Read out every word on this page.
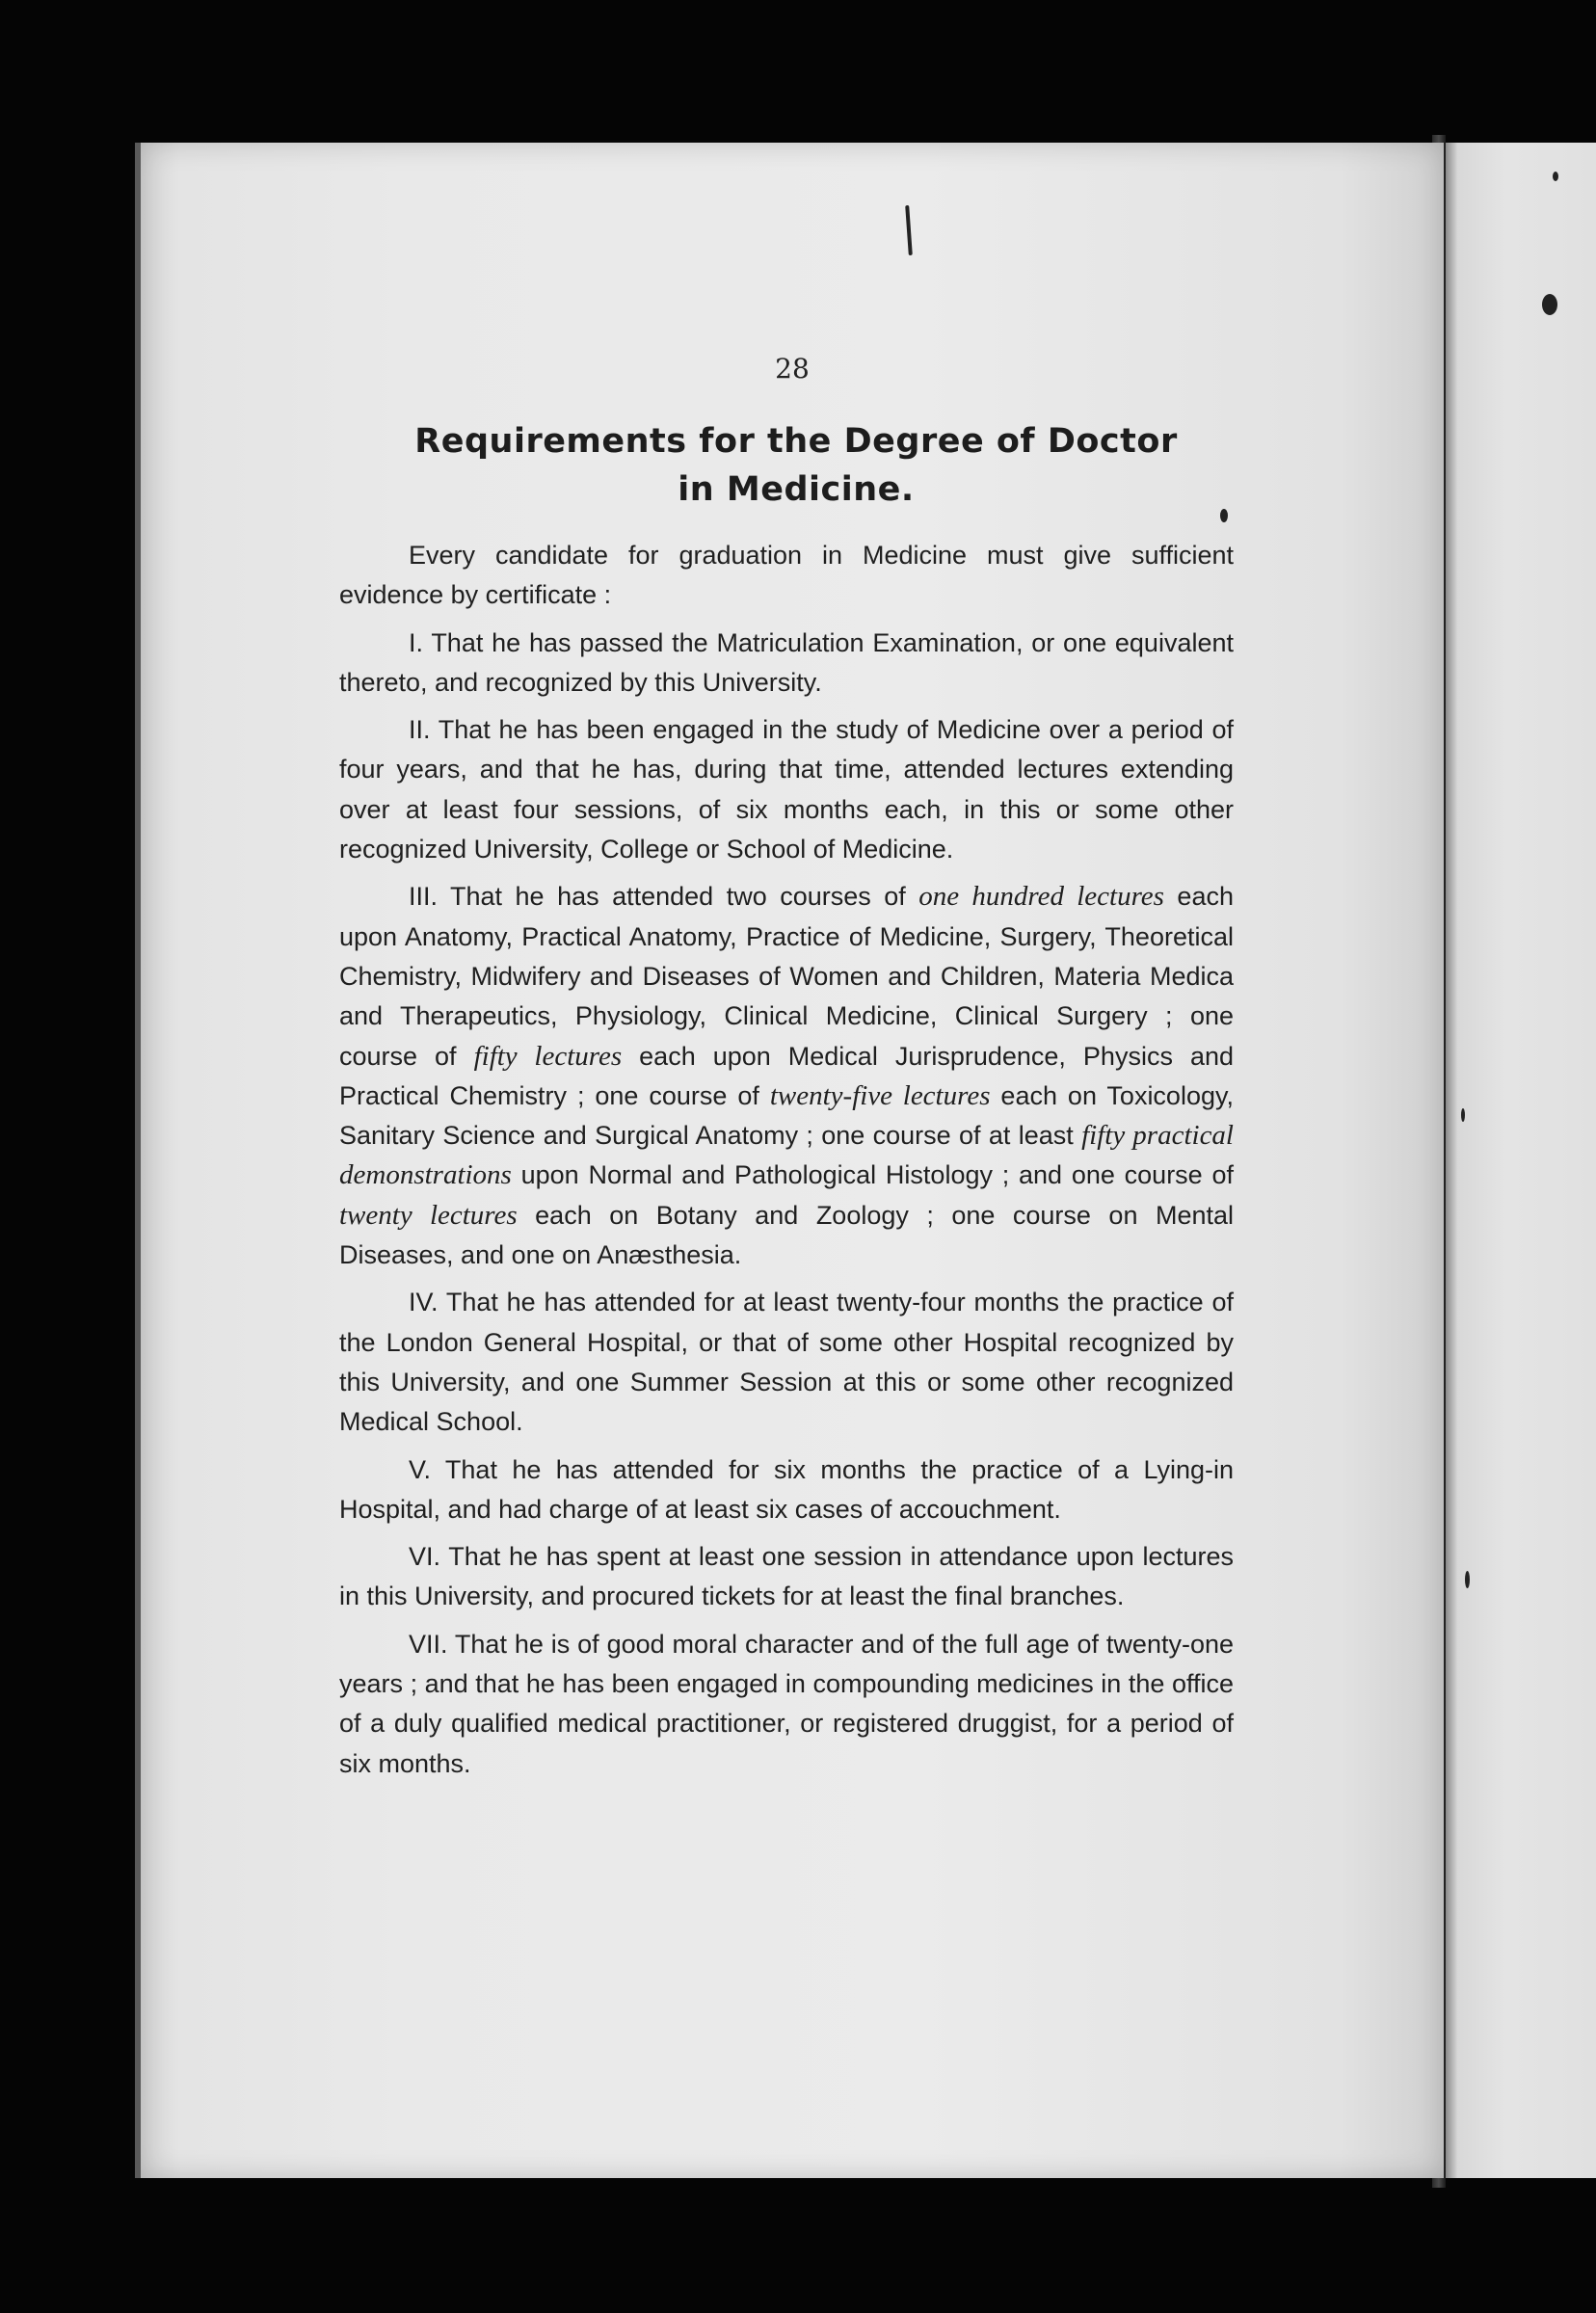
28
Requirements for the Degree of Doctor
in Medicine.

Every candidate for graduation in Medicine must give sufficient evidence by certificate :

I. That he has passed the Matriculation Examination, or one equivalent thereto, and recognized by this University.

II. That he has been engaged in the study of Medicine over a period of four years, and that he has, during that time, attended lectures extending over at least four sessions, of six months each, in this or some other recognized University, College or School of Medicine.

III. That he has attended two courses of one hundred lectures each upon Anatomy, Practical Anatomy, Practice of Medicine, Surgery, Theoretical Chemistry, Midwifery and Diseases of Women and Children, Materia Medica and Therapeutics, Physiology, Clinical Medicine, Clinical Surgery ; one course of fifty lectures each upon Medical Jurisprudence, Physics and Practical Chemistry ; one course of twenty-five lectures each on Toxicology, Sanitary Science and Surgical Anatomy ; one course of at least fifty practical demonstrations upon Normal and Pathological Histology ; and one course of twenty lectures each on Botany and Zoology ; one course on Mental Diseases, and one on Anæsthesia.

IV. That he has attended for at least twenty-four months the practice of the London General Hospital, or that of some other Hospital recognized by this University, and one Summer Session at this or some other recognized Medical School.

V. That he has attended for six months the practice of a Lying-in Hospital, and had charge of at least six cases of accouchment.

VI. That he has spent at least one session in attendance upon lectures in this University, and procured tickets for at least the final branches.

VII. That he is of good moral character and of the full age of twenty-one years ; and that he has been engaged in compounding medicines in the office of a duly qualified medical practitioner, or registered druggist, for a period of six months.
